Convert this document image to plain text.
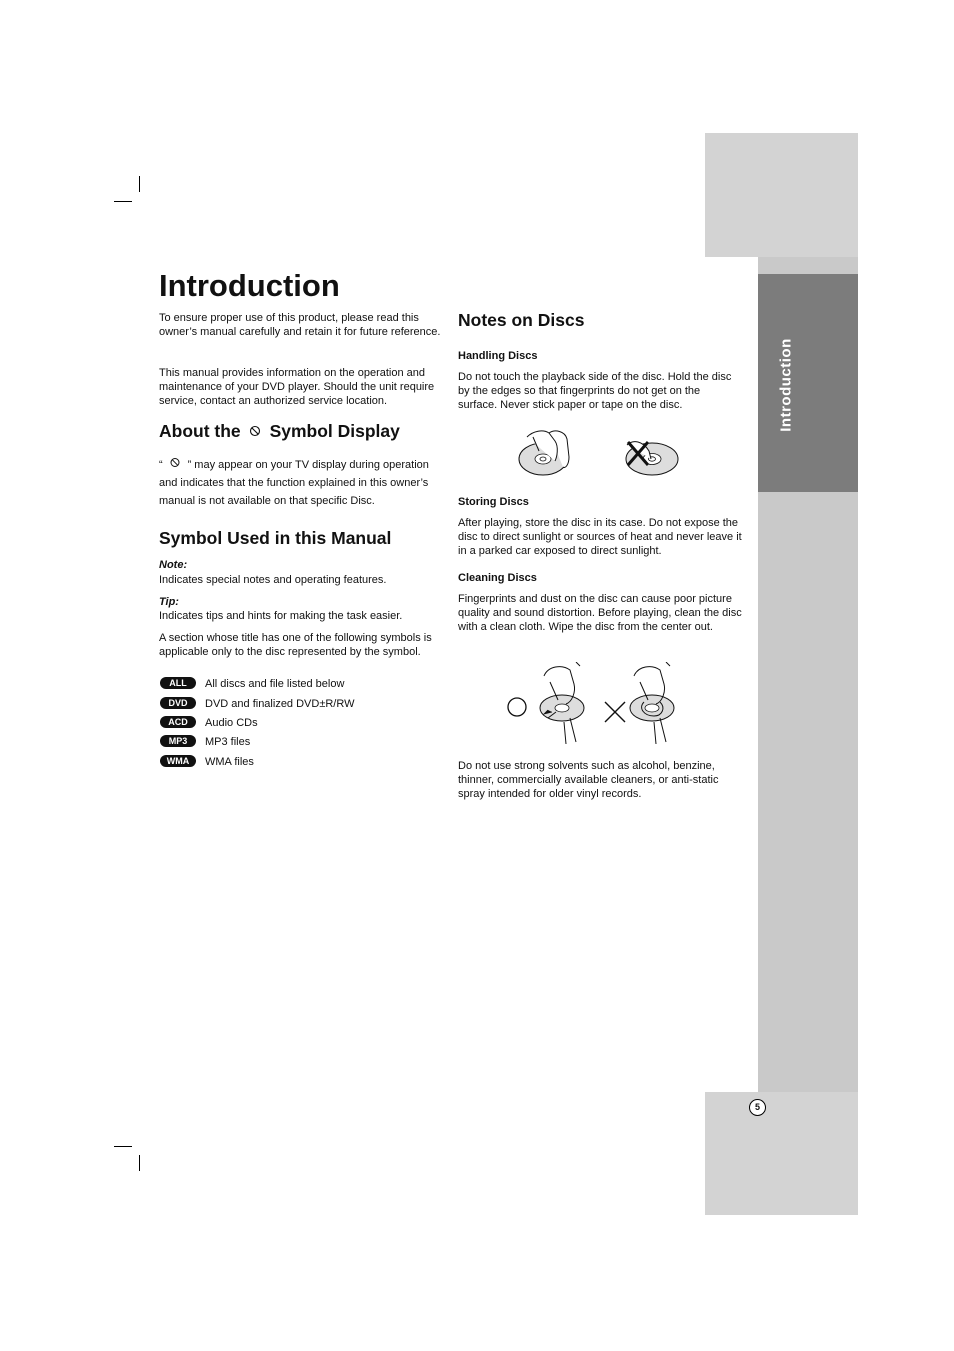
Introduction
5
Introduction

To ensure proper use of this product, please read this owner’s manual carefully and retain it for future reference.

This manual provides information on the operation and maintenance of your DVD player. Should the unit require service, contact an authorized service location.

About the Symbol Display

“

” may appear on your TV display during operation and indicates that the function explained in this owner’s manual is not available on that specific Disc.

Symbol Used in this Manual
Note:

Indicates special notes and operating features.

Tip:

Indicates tips and hints for making the task easier.

A section whose title has one of the following symbols is applicable only to the disc represented by the symbol.

ALL	All discs and file listed below
DVD	DVD and finalized DVD±R/RW
ACD	Audio CDs
MP3	MP3 files
WMA	WMA files
Notes on Discs
Handling Discs

Do not touch the playback side of the disc. Hold the disc by the edges so that fingerprints do not get on the surface. Never stick paper or tape on the disc.

Storing Discs

After playing, store the disc in its case. Do not expose the disc to direct sunlight or sources of heat and never leave it in a parked car exposed to direct sunlight.

Cleaning Discs

Fingerprints and dust on the disc can cause poor picture quality and sound distortion. Before playing, clean the disc with a clean cloth. Wipe the disc from the center out.

Do not use strong solvents such as alcohol, benzine, thinner, commercially available cleaners, or anti-static spray intended for older vinyl records.
